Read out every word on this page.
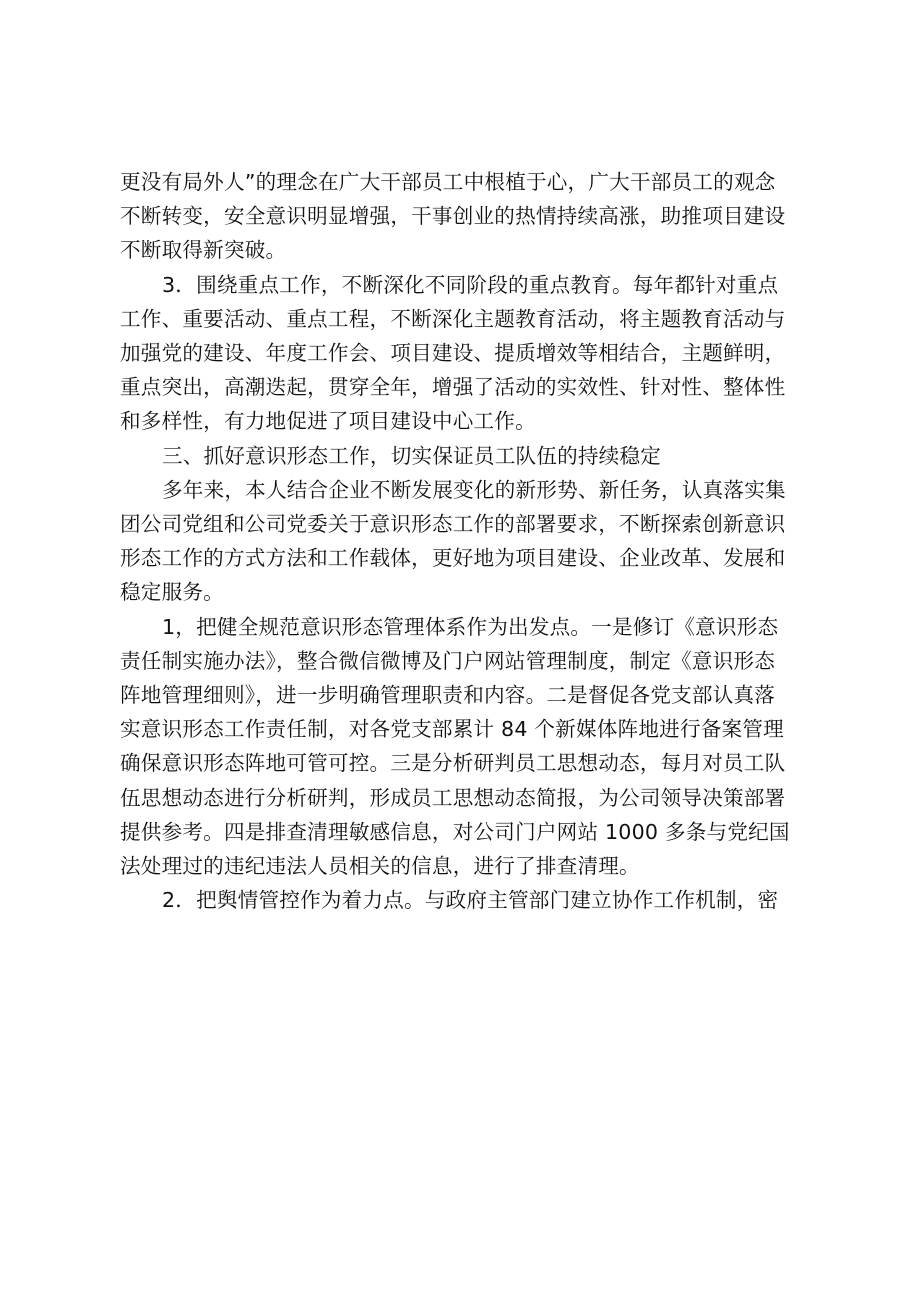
更没有局外人”的理念在广大干部员工中根植于心，广大干部员工的观念
不断转变，安全意识明显增强，干事创业的热情持续高涨，助推项目建设
不断取得新突破。

3．围绕重点工作，不断深化不同阶段的重点教育。每年都针对重点
工作、重要活动、重点工程，不断深化主题教育活动，将主题教育活动与
加强党的建设、年度工作会、项目建设、提质增效等相结合，主题鲜明，
重点突出，高潮迭起，贯穿全年，增强了活动的实效性、针对性、整体性
和多样性，有力地促进了项目建设中心工作。

三、抓好意识形态工作，切实保证员工队伍的持续稳定

多年来，本人结合企业不断发展变化的新形势、新任务，认真落实集
团公司党组和公司党委关于意识形态工作的部署要求，不断探索创新意识
形态工作的方式方法和工作载体，更好地为项目建设、企业改革、发展和
稳定服务。

1，把健全规范意识形态管理体系作为出发点。一是修订《意识形态
责任制实施办法》，整合微信微博及门户网站管理制度，制定《意识形态
阵地管理细则》，进一步明确管理职责和内容。二是督促各党支部认真落
实意识形态工作责任制，对各党支部累计 84 个新媒体阵地进行备案管理
确保意识形态阵地可管可控。三是分析研判员工思想动态，每月对员工队
伍思想动态进行分析研判，形成员工思想动态简报，为公司领导决策部署
提供参考。四是排查清理敏感信息，对公司门户网站 1000 多条与党纪国
法处理过的违纪违法人员相关的信息，进行了排查清理。

2．把舆情管控作为着力点。与政府主管部门建立协作工作机制，密
